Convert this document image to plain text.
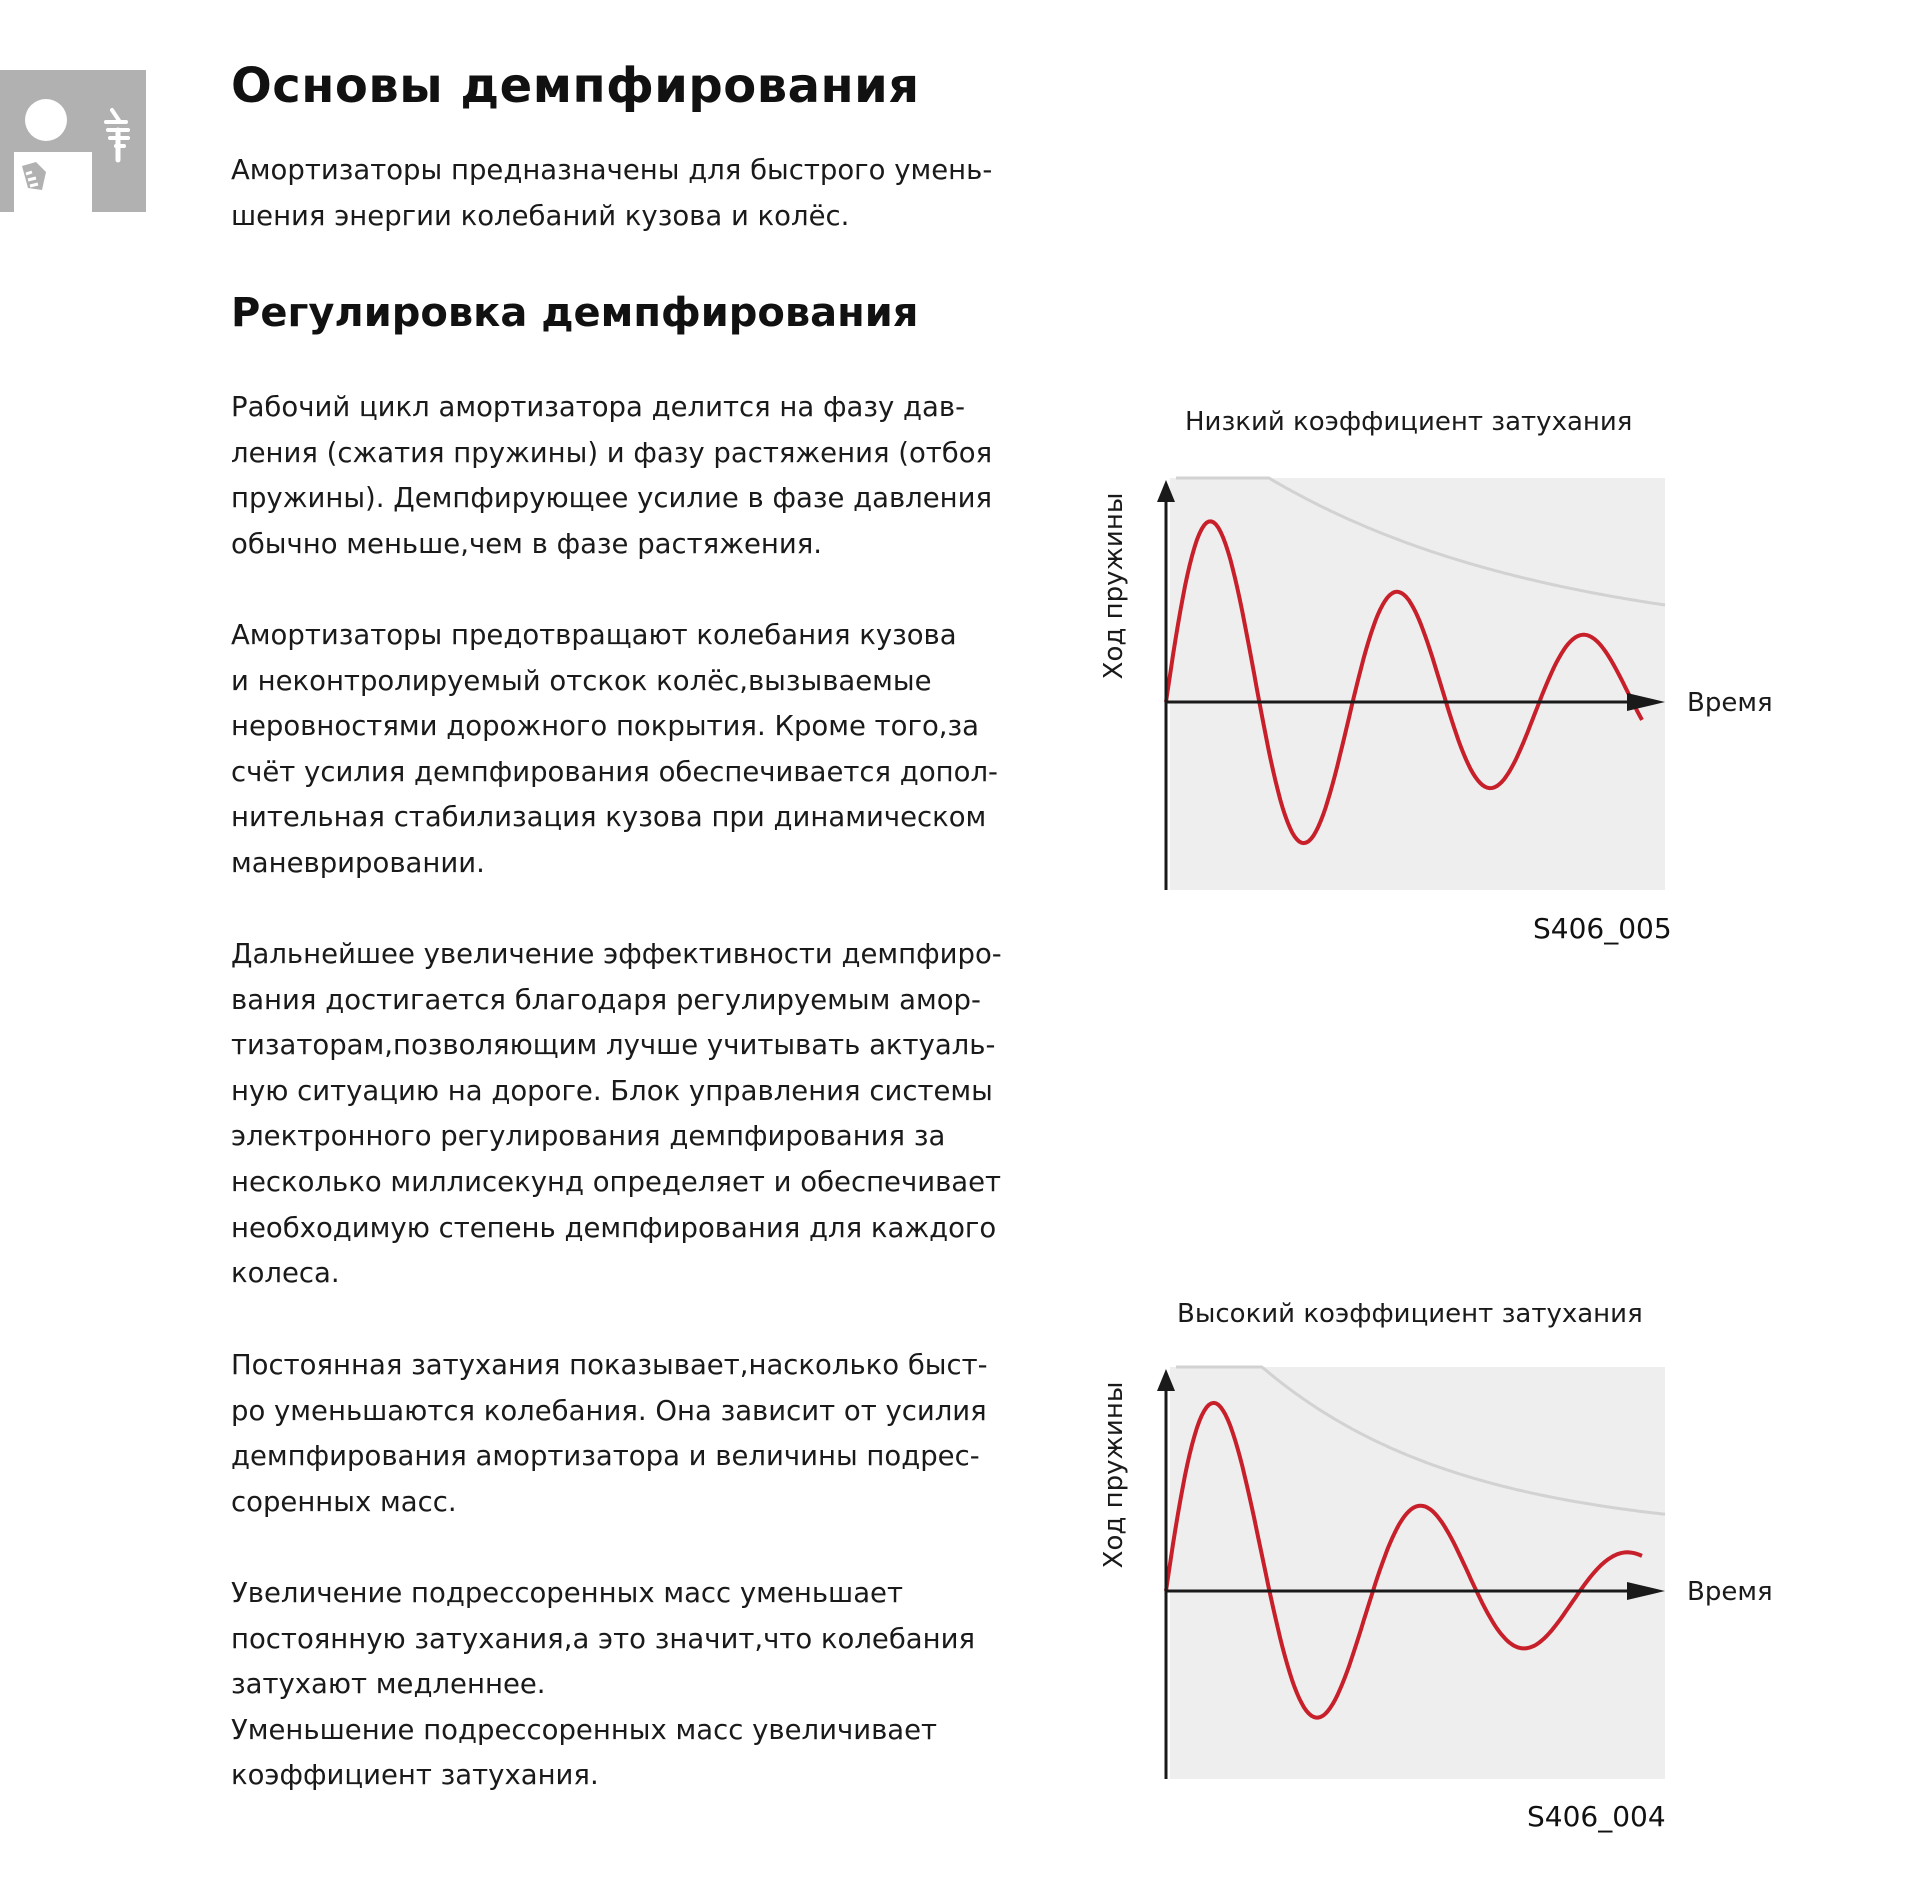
Основы демпфирования

Амортизаторы предназначены для быстрого умень-
шения энергии колебаний кузова и колёс.

Регулировка демпфирования

Рабочий цикл амортизатора делится на фазу дав-
ления (сжатия пружины) и фазу растяжения (отбоя
пружины). Демпфирующее усилие в фазе давления
обычно меньше,чем в фазе растяжения.

Амортизаторы предотвращают колебания кузова
и неконтролируемый отскок колёс,вызываемые
неровностями дорожного покрытия. Кроме того,за
счёт усилия демпфирования обеспечивается допол-
нительная стабилизация кузова при динамическом
маневрировании.

Дальнейшее увеличение эффективности демпфиро-
вания достигается благодаря регулируемым амор-
тизаторам,позволяющим лучше учитывать актуаль-
ную ситуацию на дороге. Блок управления системы
электронного регулирования демпфирования за
несколько миллисекунд определяет и обеспечивает
необходимую степень демпфирования для каждого
колеса.

Постоянная затухания показывает,насколько быст-
ро уменьшаются колебания. Она зависит от усилия
демпфирования амортизатора и величины подрес-
соренных масс.

Увеличение подрессоренных масс уменьшает
постоянную затухания,а это значит,что колебания
затухают медленнее.
Уменьшение подрессоренных масс увеличивает
коэффициент затухания.

Низкий коэффициент затухания
Время
Ход пружины
S406_005
Высокий коэффициент затухания
Время
Ход пружины
S406_004
